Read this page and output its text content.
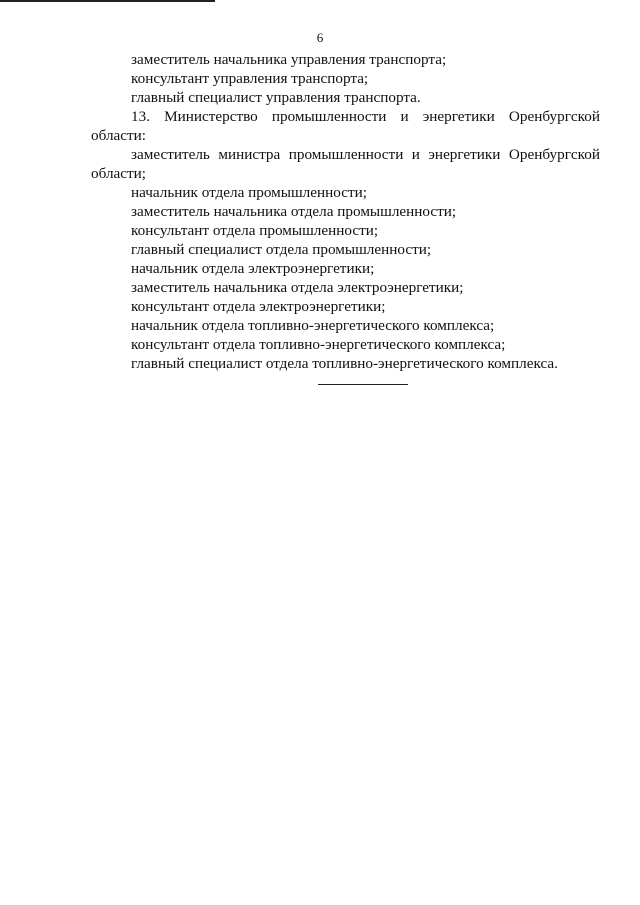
6
заместитель начальника управления транспорта;
консультант управления транспорта;
главный специалист управления транспорта.
13. Министерство промышленности и энергетики Оренбургской
области:
заместитель министра промышленности и энергетики Оренбургской
области;
начальник отдела промышленности;
заместитель начальника отдела промышленности;
консультант отдела промышленности;
главный специалист отдела промышленности;
начальник отдела электроэнергетики;
заместитель начальника отдела электроэнергетики;
консультант отдела электроэнергетики;
начальник отдела топливно-энергетического комплекса;
консультант отдела топливно-энергетического комплекса;
главный специалист отдела топливно-энергетического комплекса.
